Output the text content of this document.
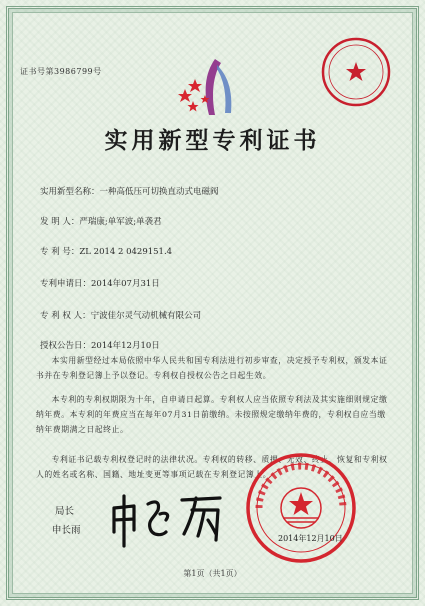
证书号第3986799号
实用新型专利证书
实用新型名称：一种高低压可切换直动式电磁阀
发 明 人：严瑞康;单军波;单袭君
专 利 号：ZL 2014 2 0429151.4
专利申请日：2014年07月31日
专 利 权 人：宁波佳尔灵气动机械有限公司
授权公告日：2014年12月10日

本实用新型经过本局依照中华人民共和国专利法进行初步审查，决定授予专利权，颁发本证书并在专利登记簿上予以登记。专利权自授权公告之日起生效。

本专利的专利权期限为十年，自申请日起算。专利权人应当依照专利法及其实施细则规定缴纳年费。本专利的年费应当在每年07月31日前缴纳。未按照规定缴纳年费的，专利权自应当缴纳年费期满之日起终止。

专利证书记载专利权登记时的法律状况。专利权的转移、质押、无效、终止、恢复和专利权人的姓名或名称、国籍、地址变更等事项记载在专利登记簿上。

局长
申长雨
2014年12月10日
第1页（共1页）
